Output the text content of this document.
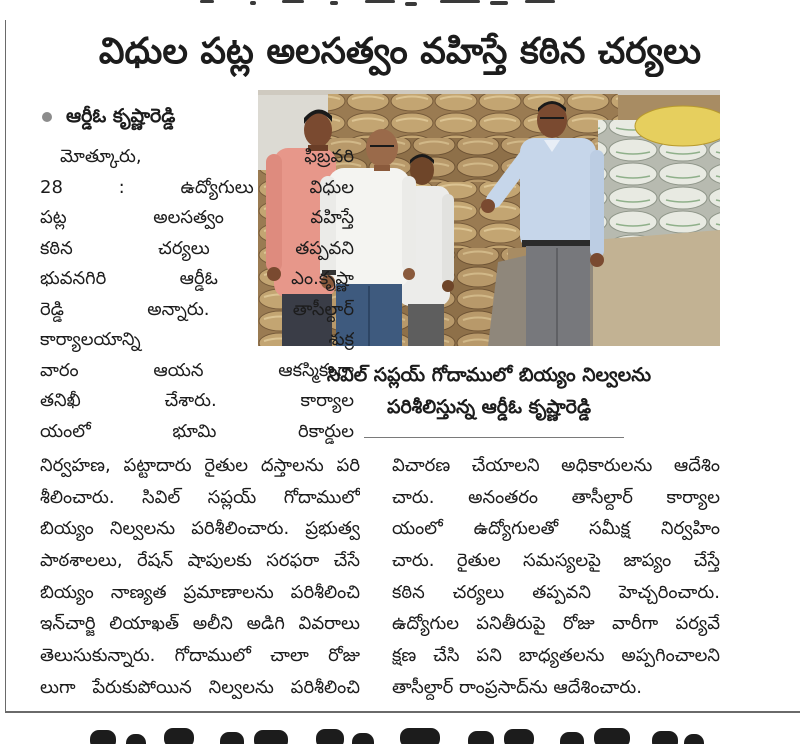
విధుల పట్ల అలసత్వం వహిస్తే కఠిన చర్యలు
ఆర్డీఓ కృష్ణారెడ్డి
సివిల్ సప్లయ్ గోదాములో బియ్యం నిల్వలను
పరిశీలిస్తున్న ఆర్డీఓ కృష్ణారెడ్డి
మోత్కూరు, ఫిబ్రవరి
28 : ఉద్యోగులు విధుల
పట్ల అలసత్వం వహిస్తే
కఠిన చర్యలు తప్పవని
భువనగిరి ఆర్డీఓ ఎం.కృష్ణా
రెడ్డి అన్నారు. తాసీల్దార్
కార్యాలయాన్ని శుక్ర
వారం ఆయన ఆకస్మికంగా
తనిఖీ చేశారు. కార్యాల
యంలో భూమి రికార్డుల
నిర్వహణ, పట్టాదారు రైతుల దస్తాలను పరి
శీలించారు. సివిల్ సప్లయ్ గోదాములో
బియ్యం నిల్వలను పరిశీలించారు. ప్రభుత్వ
పాఠశాలలు, రేషన్ షాపులకు సరఫరా చేసే
బియ్యం నాణ్యత ప్రమాణాలను పరిశీలించి
ఇన్‌చార్జి లియాఖత్ అలీని అడిగి వివరాలు
తెలుసుకున్నారు. గోదాములో చాలా రోజు
లుగా పేరుకుపోయిన నిల్వలను పరిశీలించి
విచారణ చేయాలని అధికారులను ఆదేశిం
చారు. అనంతరం తాసీల్దార్ కార్యాల
యంలో ఉద్యోగులతో సమీక్ష నిర్వహిం
చారు. రైతుల సమస్యలపై జాప్యం చేస్తే
కఠిన చర్యలు తప్పవని హెచ్చరించారు.
ఉద్యోగుల పనితీరుపై రోజు వారీగా పర్యవే
క్షణ చేసి పని బాధ్యతలను అప్పగించాలని
తాసీల్దార్ రాంప్రసాద్‌ను ఆదేశించారు.
